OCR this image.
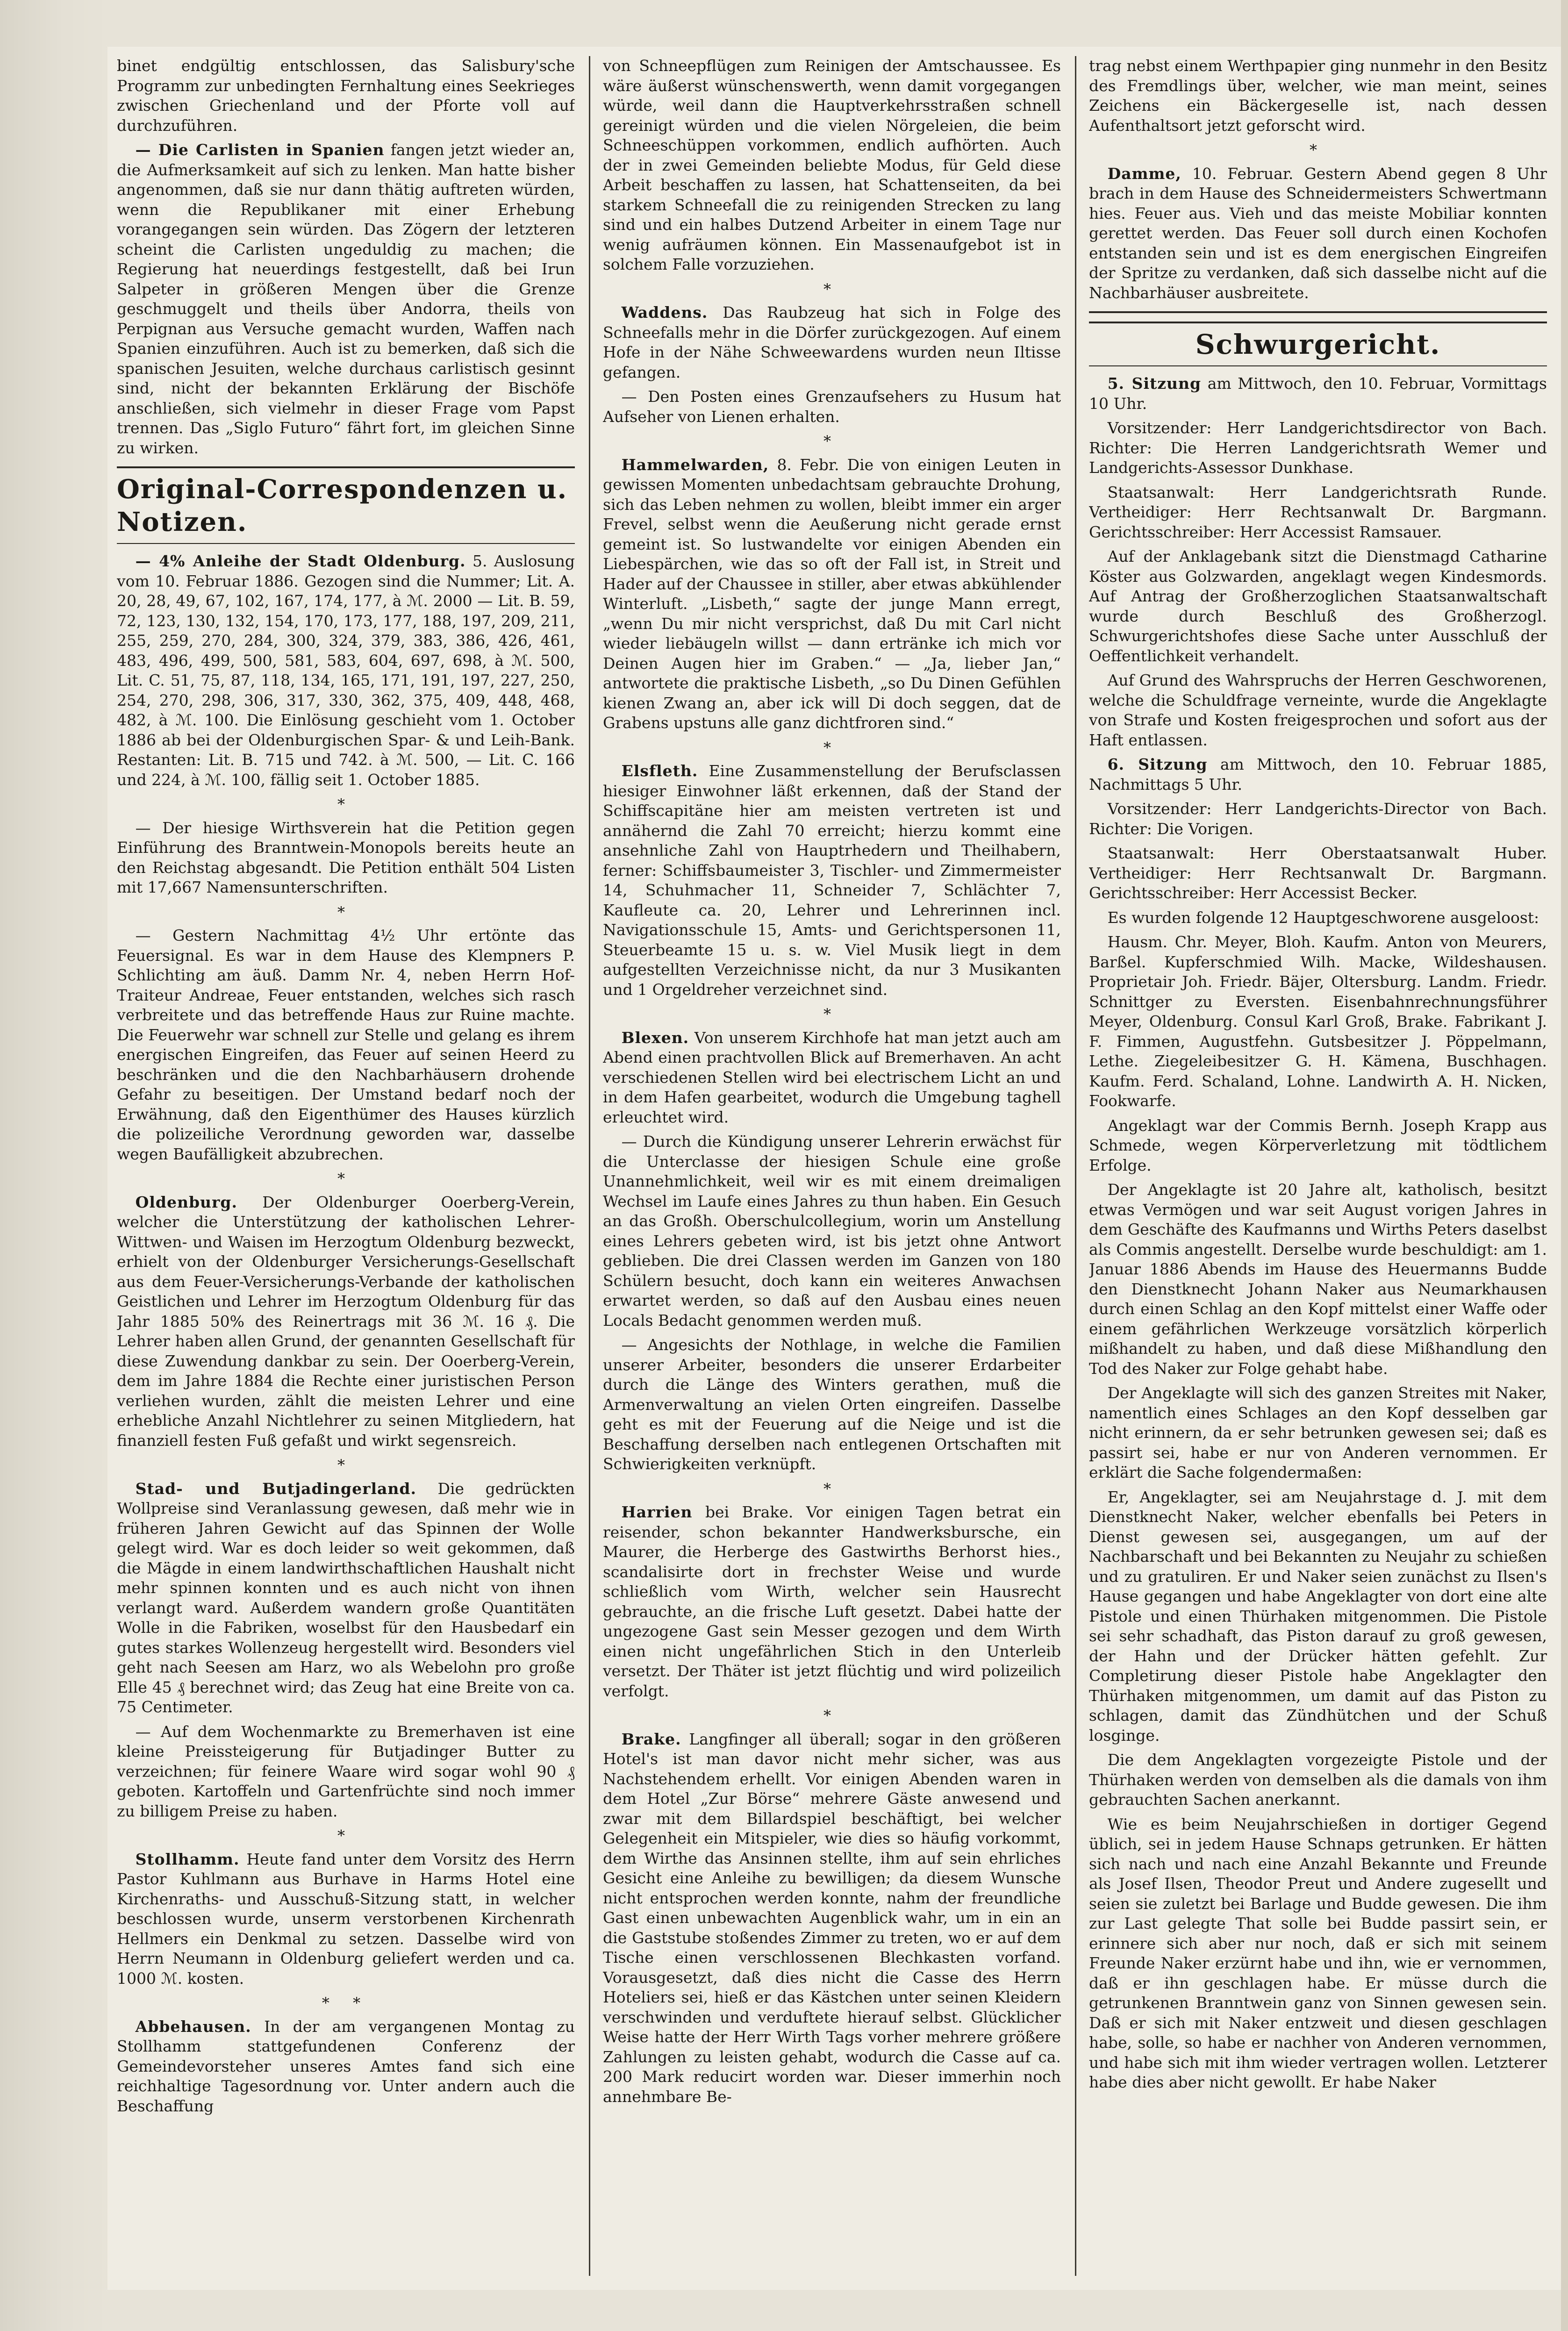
binet endgültig entschlossen, das Salisbury'sche Programm zur unbedingten Fernhaltung eines Seekrieges zwischen Griechenland und der Pforte voll auf durchzuführen.

— Die Carlisten in Spanien fangen jetzt wieder an, die Aufmerksamkeit auf sich zu lenken. Man hatte bisher angenommen, daß sie nur dann thätig auftreten würden, wenn die Republikaner mit einer Erhebung vorangegangen sein würden. Das Zögern der letzteren scheint die Carlisten ungeduldig zu machen; die Regierung hat neuerdings festgestellt, daß bei Irun Salpeter in größeren Mengen über die Grenze geschmuggelt und theils über Andorra, theils von Perpignan aus Versuche gemacht wurden, Waffen nach Spanien einzuführen. Auch ist zu bemerken, daß sich die spanischen Jesuiten, welche durchaus carlistisch gesinnt sind, nicht der bekannten Erklärung der Bischöfe anschließen, sich vielmehr in dieser Frage vom Papst trennen. Das „Siglo Futuro“ fährt fort, im gleichen Sinne zu wirken.

Original-Correspondenzen u. Notizen.

— 4% Anleihe der Stadt Oldenburg. 5. Auslosung vom 10. Februar 1886. Gezogen sind die Nummer; Lit. A. 20, 28, 49, 67, 102, 167, 174, 177, à ℳ. 2000 — Lit. B. 59, 72, 123, 130, 132, 154, 170, 173, 177, 188, 197, 209, 211, 255, 259, 270, 284, 300, 324, 379, 383, 386, 426, 461, 483, 496, 499, 500, 581, 583, 604, 697, 698, à ℳ. 500, Lit. C. 51, 75, 87, 118, 134, 165, 171, 191, 197, 227, 250, 254, 270, 298, 306, 317, 330, 362, 375, 409, 448, 468, 482, à ℳ. 100. Die Einlösung geschieht vom 1. October 1886 ab bei der Oldenburgischen Spar- & und Leih-Bank. Restanten: Lit. B. 715 und 742. à ℳ. 500, — Lit. C. 166 und 224, à ℳ. 100, fällig seit 1. October 1885.

*

— Der hiesige Wirthsverein hat die Petition gegen Einführung des Branntwein-Monopols bereits heute an den Reichstag abgesandt. Die Petition enthält 504 Listen mit 17,667 Namensunterschriften.

*

— Gestern Nachmittag 4½ Uhr ertönte das Feuersignal. Es war in dem Hause des Klempners P. Schlichting am äuß. Damm Nr. 4, neben Herrn Hof-Traiteur Andreae, Feuer entstanden, welches sich rasch verbreitete und das betreffende Haus zur Ruine machte. Die Feuerwehr war schnell zur Stelle und gelang es ihrem energischen Eingreifen, das Feuer auf seinen Heerd zu beschränken und die den Nachbarhäusern drohende Gefahr zu beseitigen. Der Umstand bedarf noch der Erwähnung, daß den Eigenthümer des Hauses kürzlich die polizeiliche Verordnung geworden war, dasselbe wegen Baufälligkeit abzubrechen.

*

Oldenburg. Der Oldenburger Ooerberg-Verein, welcher die Unterstützung der katholischen Lehrer-Wittwen- und Waisen im Herzogtum Oldenburg bezweckt, erhielt von der Oldenburger Versicherungs-Gesellschaft aus dem Feuer-Versicherungs-Verbande der katholischen Geistlichen und Lehrer im Herzogtum Oldenburg für das Jahr 1885 50% des Reinertrags mit 36 ℳ. 16 ₰. Die Lehrer haben allen Grund, der genannten Gesellschaft für diese Zuwendung dankbar zu sein. Der Ooerberg-Verein, dem im Jahre 1884 die Rechte einer juristischen Person verliehen wurden, zählt die meisten Lehrer und eine erhebliche Anzahl Nichtlehrer zu seinen Mitgliedern, hat finanziell festen Fuß gefaßt und wirkt segensreich.

*

Stad- und Butjadingerland. Die gedrückten Wollpreise sind Veranlassung gewesen, daß mehr wie in früheren Jahren Gewicht auf das Spinnen der Wolle gelegt wird. War es doch leider so weit gekommen, daß die Mägde in einem landwirthschaftlichen Haushalt nicht mehr spinnen konnten und es auch nicht von ihnen verlangt ward. Außerdem wandern große Quantitäten Wolle in die Fabriken, woselbst für den Hausbedarf ein gutes starkes Wollenzeug hergestellt wird. Besonders viel geht nach Seesen am Harz, wo als Webelohn pro große Elle 45 ₰ berechnet wird; das Zeug hat eine Breite von ca. 75 Centimeter.

— Auf dem Wochenmarkte zu Bremerhaven ist eine kleine Preissteigerung für Butjadinger Butter zu verzeichnen; für feinere Waare wird sogar wohl 90 ₰ geboten. Kartoffeln und Gartenfrüchte sind noch immer zu billigem Preise zu haben.

*

Stollhamm. Heute fand unter dem Vorsitz des Herrn Pastor Kuhlmann aus Burhave in Harms Hotel eine Kirchenraths- und Ausschuß-Sitzung statt, in welcher beschlossen wurde, unserm verstorbenen Kirchenrath Hellmers ein Denkmal zu setzen. Dasselbe wird von Herrn Neumann in Oldenburg geliefert werden und ca. 1000 ℳ. kosten.

* *

Abbehausen. In der am vergangenen Montag zu Stollhamm stattgefundenen Conferenz der Gemeindevorsteher unseres Amtes fand sich eine reichhaltige Tagesordnung vor. Unter andern auch die Beschaffung

von Schneepflügen zum Reinigen der Amtschaussee. Es wäre äußerst wünschenswerth, wenn damit vorgegangen würde, weil dann die Hauptverkehrsstraßen schnell gereinigt würden und die vielen Nörgeleien, die beim Schneeschüppen vorkommen, endlich aufhörten. Auch der in zwei Gemeinden beliebte Modus, für Geld diese Arbeit beschaffen zu lassen, hat Schattenseiten, da bei starkem Schneefall die zu reinigenden Strecken zu lang sind und ein halbes Dutzend Arbeiter in einem Tage nur wenig aufräumen können. Ein Massenaufgebot ist in solchem Falle vorzuziehen.

*

Waddens. Das Raubzeug hat sich in Folge des Schneefalls mehr in die Dörfer zurückgezogen. Auf einem Hofe in der Nähe Schweewardens wurden neun Iltisse gefangen.

— Den Posten eines Grenzaufsehers zu Husum hat Aufseher von Lienen erhalten.

*

Hammelwarden, 8. Febr. Die von einigen Leuten in gewissen Momenten unbedachtsam gebrauchte Drohung, sich das Leben nehmen zu wollen, bleibt immer ein arger Frevel, selbst wenn die Aeußerung nicht gerade ernst gemeint ist. So lustwandelte vor einigen Abenden ein Liebespärchen, wie das so oft der Fall ist, in Streit und Hader auf der Chaussee in stiller, aber etwas abkühlender Winterluft. „Lisbeth,“ sagte der junge Mann erregt, „wenn Du mir nicht versprichst, daß Du mit Carl nicht wieder liebäugeln willst — dann ertränke ich mich vor Deinen Augen hier im Graben.“ — „Ja, lieber Jan,“ antwortete die praktische Lisbeth, „so Du Dinen Gefühlen kienen Zwang an, aber ick will Di doch seggen, dat de Grabens upstuns alle ganz dichtfroren sind.“

*

Elsfleth. Eine Zusammenstellung der Berufsclassen hiesiger Einwohner läßt erkennen, daß der Stand der Schiffscapitäne hier am meisten vertreten ist und annähernd die Zahl 70 erreicht; hierzu kommt eine ansehnliche Zahl von Hauptrhedern und Theilhabern, ferner: Schiffsbaumeister 3, Tischler- und Zimmermeister 14, Schuhmacher 11, Schneider 7, Schlächter 7, Kaufleute ca. 20, Lehrer und Lehrerinnen incl. Navigationsschule 15, Amts- und Gerichtspersonen 11, Steuerbeamte 15 u. s. w. Viel Musik liegt in dem aufgestellten Verzeichnisse nicht, da nur 3 Musikanten und 1 Orgeldreher verzeichnet sind.

*

Blexen. Von unserem Kirchhofe hat man jetzt auch am Abend einen prachtvollen Blick auf Bremerhaven. An acht verschiedenen Stellen wird bei electrischem Licht an und in dem Hafen gearbeitet, wodurch die Umgebung taghell erleuchtet wird.

— Durch die Kündigung unserer Lehrerin erwächst für die Unterclasse der hiesigen Schule eine große Unannehmlichkeit, weil wir es mit einem dreimaligen Wechsel im Laufe eines Jahres zu thun haben. Ein Gesuch an das Großh. Oberschulcollegium, worin um Anstellung eines Lehrers gebeten wird, ist bis jetzt ohne Antwort geblieben. Die drei Classen werden im Ganzen von 180 Schülern besucht, doch kann ein weiteres Anwachsen erwartet werden, so daß auf den Ausbau eines neuen Locals Bedacht genommen werden muß.

— Angesichts der Nothlage, in welche die Familien unserer Arbeiter, besonders die unserer Erdarbeiter durch die Länge des Winters gerathen, muß die Armenverwaltung an vielen Orten eingreifen. Dasselbe geht es mit der Feuerung auf die Neige und ist die Beschaffung derselben nach entlegenen Ortschaften mit Schwierigkeiten verknüpft.

*

Harrien bei Brake. Vor einigen Tagen betrat ein reisender, schon bekannter Handwerksbursche, ein Maurer, die Herberge des Gastwirths Berhorst hies., scandalisirte dort in frechster Weise und wurde schließlich vom Wirth, welcher sein Hausrecht gebrauchte, an die frische Luft gesetzt. Dabei hatte der ungezogene Gast sein Messer gezogen und dem Wirth einen nicht ungefährlichen Stich in den Unterleib versetzt. Der Thäter ist jetzt flüchtig und wird polizeilich verfolgt.

*

Brake. Langfinger all überall; sogar in den größeren Hotel's ist man davor nicht mehr sicher, was aus Nachstehendem erhellt. Vor einigen Abenden waren in dem Hotel „Zur Börse“ mehrere Gäste anwesend und zwar mit dem Billardspiel beschäftigt, bei welcher Gelegenheit ein Mitspieler, wie dies so häufig vorkommt, dem Wirthe das Ansinnen stellte, ihm auf sein ehrliches Gesicht eine Anleihe zu bewilligen; da diesem Wunsche nicht entsprochen werden konnte, nahm der freundliche Gast einen unbewachten Augenblick wahr, um in ein an die Gaststube stoßendes Zimmer zu treten, wo er auf dem Tische einen verschlossenen Blechkasten vorfand. Vorausgesetzt, daß dies nicht die Casse des Herrn Hoteliers sei, hieß er das Kästchen unter seinen Kleidern verschwinden und verduftete hierauf selbst. Glücklicher Weise hatte der Herr Wirth Tags vorher mehrere größere Zahlungen zu leisten gehabt, wodurch die Casse auf ca. 200 Mark reducirt worden war. Dieser immerhin noch annehmbare Be-

trag nebst einem Werthpapier ging nunmehr in den Besitz des Fremdlings über, welcher, wie man meint, seines Zeichens ein Bäckergeselle ist, nach dessen Aufenthaltsort jetzt geforscht wird.

*

Damme, 10. Februar. Gestern Abend gegen 8 Uhr brach in dem Hause des Schneidermeisters Schwertmann hies. Feuer aus. Vieh und das meiste Mobiliar konnten gerettet werden. Das Feuer soll durch einen Kochofen entstanden sein und ist es dem energischen Eingreifen der Spritze zu verdanken, daß sich dasselbe nicht auf die Nachbarhäuser ausbreitete.

Schwurgericht.

5. Sitzung am Mittwoch, den 10. Februar, Vormittags 10 Uhr.

Vorsitzender: Herr Landgerichtsdirector von Bach. Richter: Die Herren Landgerichtsrath Wemer und Landgerichts-Assessor Dunkhase.

Staatsanwalt: Herr Landgerichtsrath Runde. Vertheidiger: Herr Rechtsanwalt Dr. Bargmann. Gerichtsschreiber: Herr Accessist Ramsauer.

Auf der Anklagebank sitzt die Dienstmagd Catharine Köster aus Golzwarden, angeklagt wegen Kindesmords. Auf Antrag der Großherzoglichen Staatsanwaltschaft wurde durch Beschluß des Großherzogl. Schwurgerichtshofes diese Sache unter Ausschluß der Oeffentlichkeit verhandelt.

Auf Grund des Wahrspruchs der Herren Geschworenen, welche die Schuldfrage verneinte, wurde die Angeklagte von Strafe und Kosten freigesprochen und sofort aus der Haft entlassen.

6. Sitzung am Mittwoch, den 10. Februar 1885, Nachmittags 5 Uhr.

Vorsitzender: Herr Landgerichts-Director von Bach. Richter: Die Vorigen.

Staatsanwalt: Herr Oberstaatsanwalt Huber. Vertheidiger: Herr Rechtsanwalt Dr. Bargmann. Gerichtsschreiber: Herr Accessist Becker.

Es wurden folgende 12 Hauptgeschworene ausgeloost:

Hausm. Chr. Meyer, Bloh. Kaufm. Anton von Meurers, Barßel. Kupferschmied Wilh. Macke, Wildeshausen. Proprietair Joh. Friedr. Bäjer, Oltersburg. Landm. Friedr. Schnittger zu Eversten. Eisenbahnrechnungsführer Meyer, Oldenburg. Consul Karl Groß, Brake. Fabrikant J. F. Fimmen, Augustfehn. Gutsbesitzer J. Pöppelmann, Lethe. Ziegeleibesitzer G. H. Kämena, Buschhagen. Kaufm. Ferd. Schaland, Lohne. Landwirth A. H. Nicken, Fookwarfe.

Angeklagt war der Commis Bernh. Joseph Krapp aus Schmede, wegen Körperverletzung mit tödtlichem Erfolge.

Der Angeklagte ist 20 Jahre alt, katholisch, besitzt etwas Vermögen und war seit August vorigen Jahres in dem Geschäfte des Kaufmanns und Wirths Peters daselbst als Commis angestellt. Derselbe wurde beschuldigt: am 1. Januar 1886 Abends im Hause des Heuermanns Budde den Dienstknecht Johann Naker aus Neumarkhausen durch einen Schlag an den Kopf mittelst einer Waffe oder einem gefährlichen Werkzeuge vorsätzlich körperlich mißhandelt zu haben, und daß diese Mißhandlung den Tod des Naker zur Folge gehabt habe.

Der Angeklagte will sich des ganzen Streites mit Naker, namentlich eines Schlages an den Kopf desselben gar nicht erinnern, da er sehr betrunken gewesen sei; daß es passirt sei, habe er nur von Anderen vernommen. Er erklärt die Sache folgendermaßen:

Er, Angeklagter, sei am Neujahrstage d. J. mit dem Dienstknecht Naker, welcher ebenfalls bei Peters in Dienst gewesen sei, ausgegangen, um auf der Nachbarschaft und bei Bekannten zu Neujahr zu schießen und zu gratuliren. Er und Naker seien zunächst zu Ilsen's Hause gegangen und habe Angeklagter von dort eine alte Pistole und einen Thürhaken mitgenommen. Die Pistole sei sehr schadhaft, das Piston darauf zu groß gewesen, der Hahn und der Drücker hätten gefehlt. Zur Completirung dieser Pistole habe Angeklagter den Thürhaken mitgenommen, um damit auf das Piston zu schlagen, damit das Zündhütchen und der Schuß losginge.

Die dem Angeklagten vorgezeigte Pistole und der Thürhaken werden von demselben als die damals von ihm gebrauchten Sachen anerkannt.

Wie es beim Neujahrschießen in dortiger Gegend üblich, sei in jedem Hause Schnaps getrunken. Er hätten sich nach und nach eine Anzahl Bekannte und Freunde als Josef Ilsen, Theodor Preut und Andere zugesellt und seien sie zuletzt bei Barlage und Budde gewesen. Die ihm zur Last gelegte That solle bei Budde passirt sein, er erinnere sich aber nur noch, daß er sich mit seinem Freunde Naker erzürnt habe und ihn, wie er vernommen, daß er ihn geschlagen habe. Er müsse durch die getrunkenen Branntwein ganz von Sinnen gewesen sein. Daß er sich mit Naker entzweit und diesen geschlagen habe, solle, so habe er nachher von Anderen vernommen, und habe sich mit ihm wieder vertragen wollen. Letzterer habe dies aber nicht gewollt. Er habe Naker
